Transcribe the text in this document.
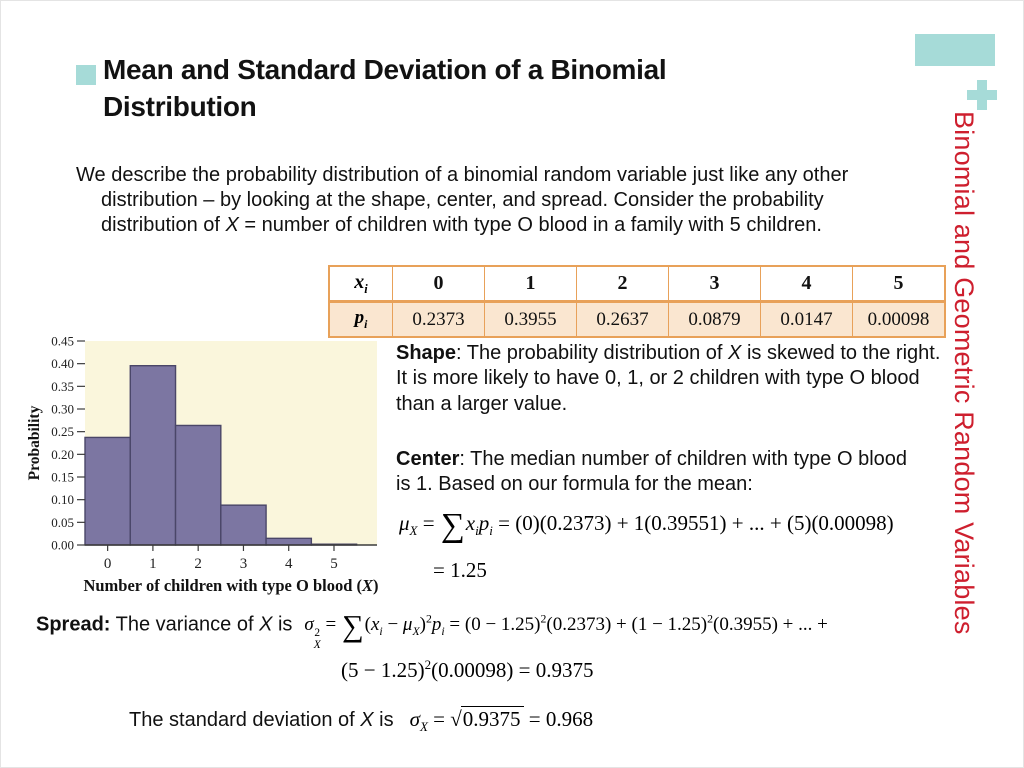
Binomial and Geometric Random Variables
Mean and Standard Deviation of a Binomial Distribution
We describe the probability distribution of a binomial random variable just like any other distribution – by looking at the shape, center, and spread. Consider the probability distribution of X = number of children with type O blood in a family with 5 children.
$x_i$	0	1	2	3	4	5
$p_i$	0.2373	0.3955	0.2637	0.0879	0.0147	0.00098
0.00
0.05
0.10
0.15
0.20
0.25
0.30
0.35
0.40
0.45
0	1	2	3	4	5
Number of children with type O blood (X)
Probability
Shape: The probability distribution of X is skewed to the right. It is more likely to have 0, 1, or 2 children with type O blood than a larger value.
Center: The median number of children with type O blood is 1. Based on our formula for the mean:
$\mu_X = \sum x_ip_i = (0)(0.2373) + 1(0.39551)$ + ... + (5)(0.00098)
= 1.25
Spread: The variance of X is σ 2
X
= $\sum(x_i - \mu_X)^2p_i = (0 - 1.25)^2(0.2373) + (1 - 1.25)^2(0.3955)$ + ... +
$(5 - 1.25)^2(0.00098) = 0.9375$
The standard deviation of X is $\sigma_X = √0.9375 = 0.968$
